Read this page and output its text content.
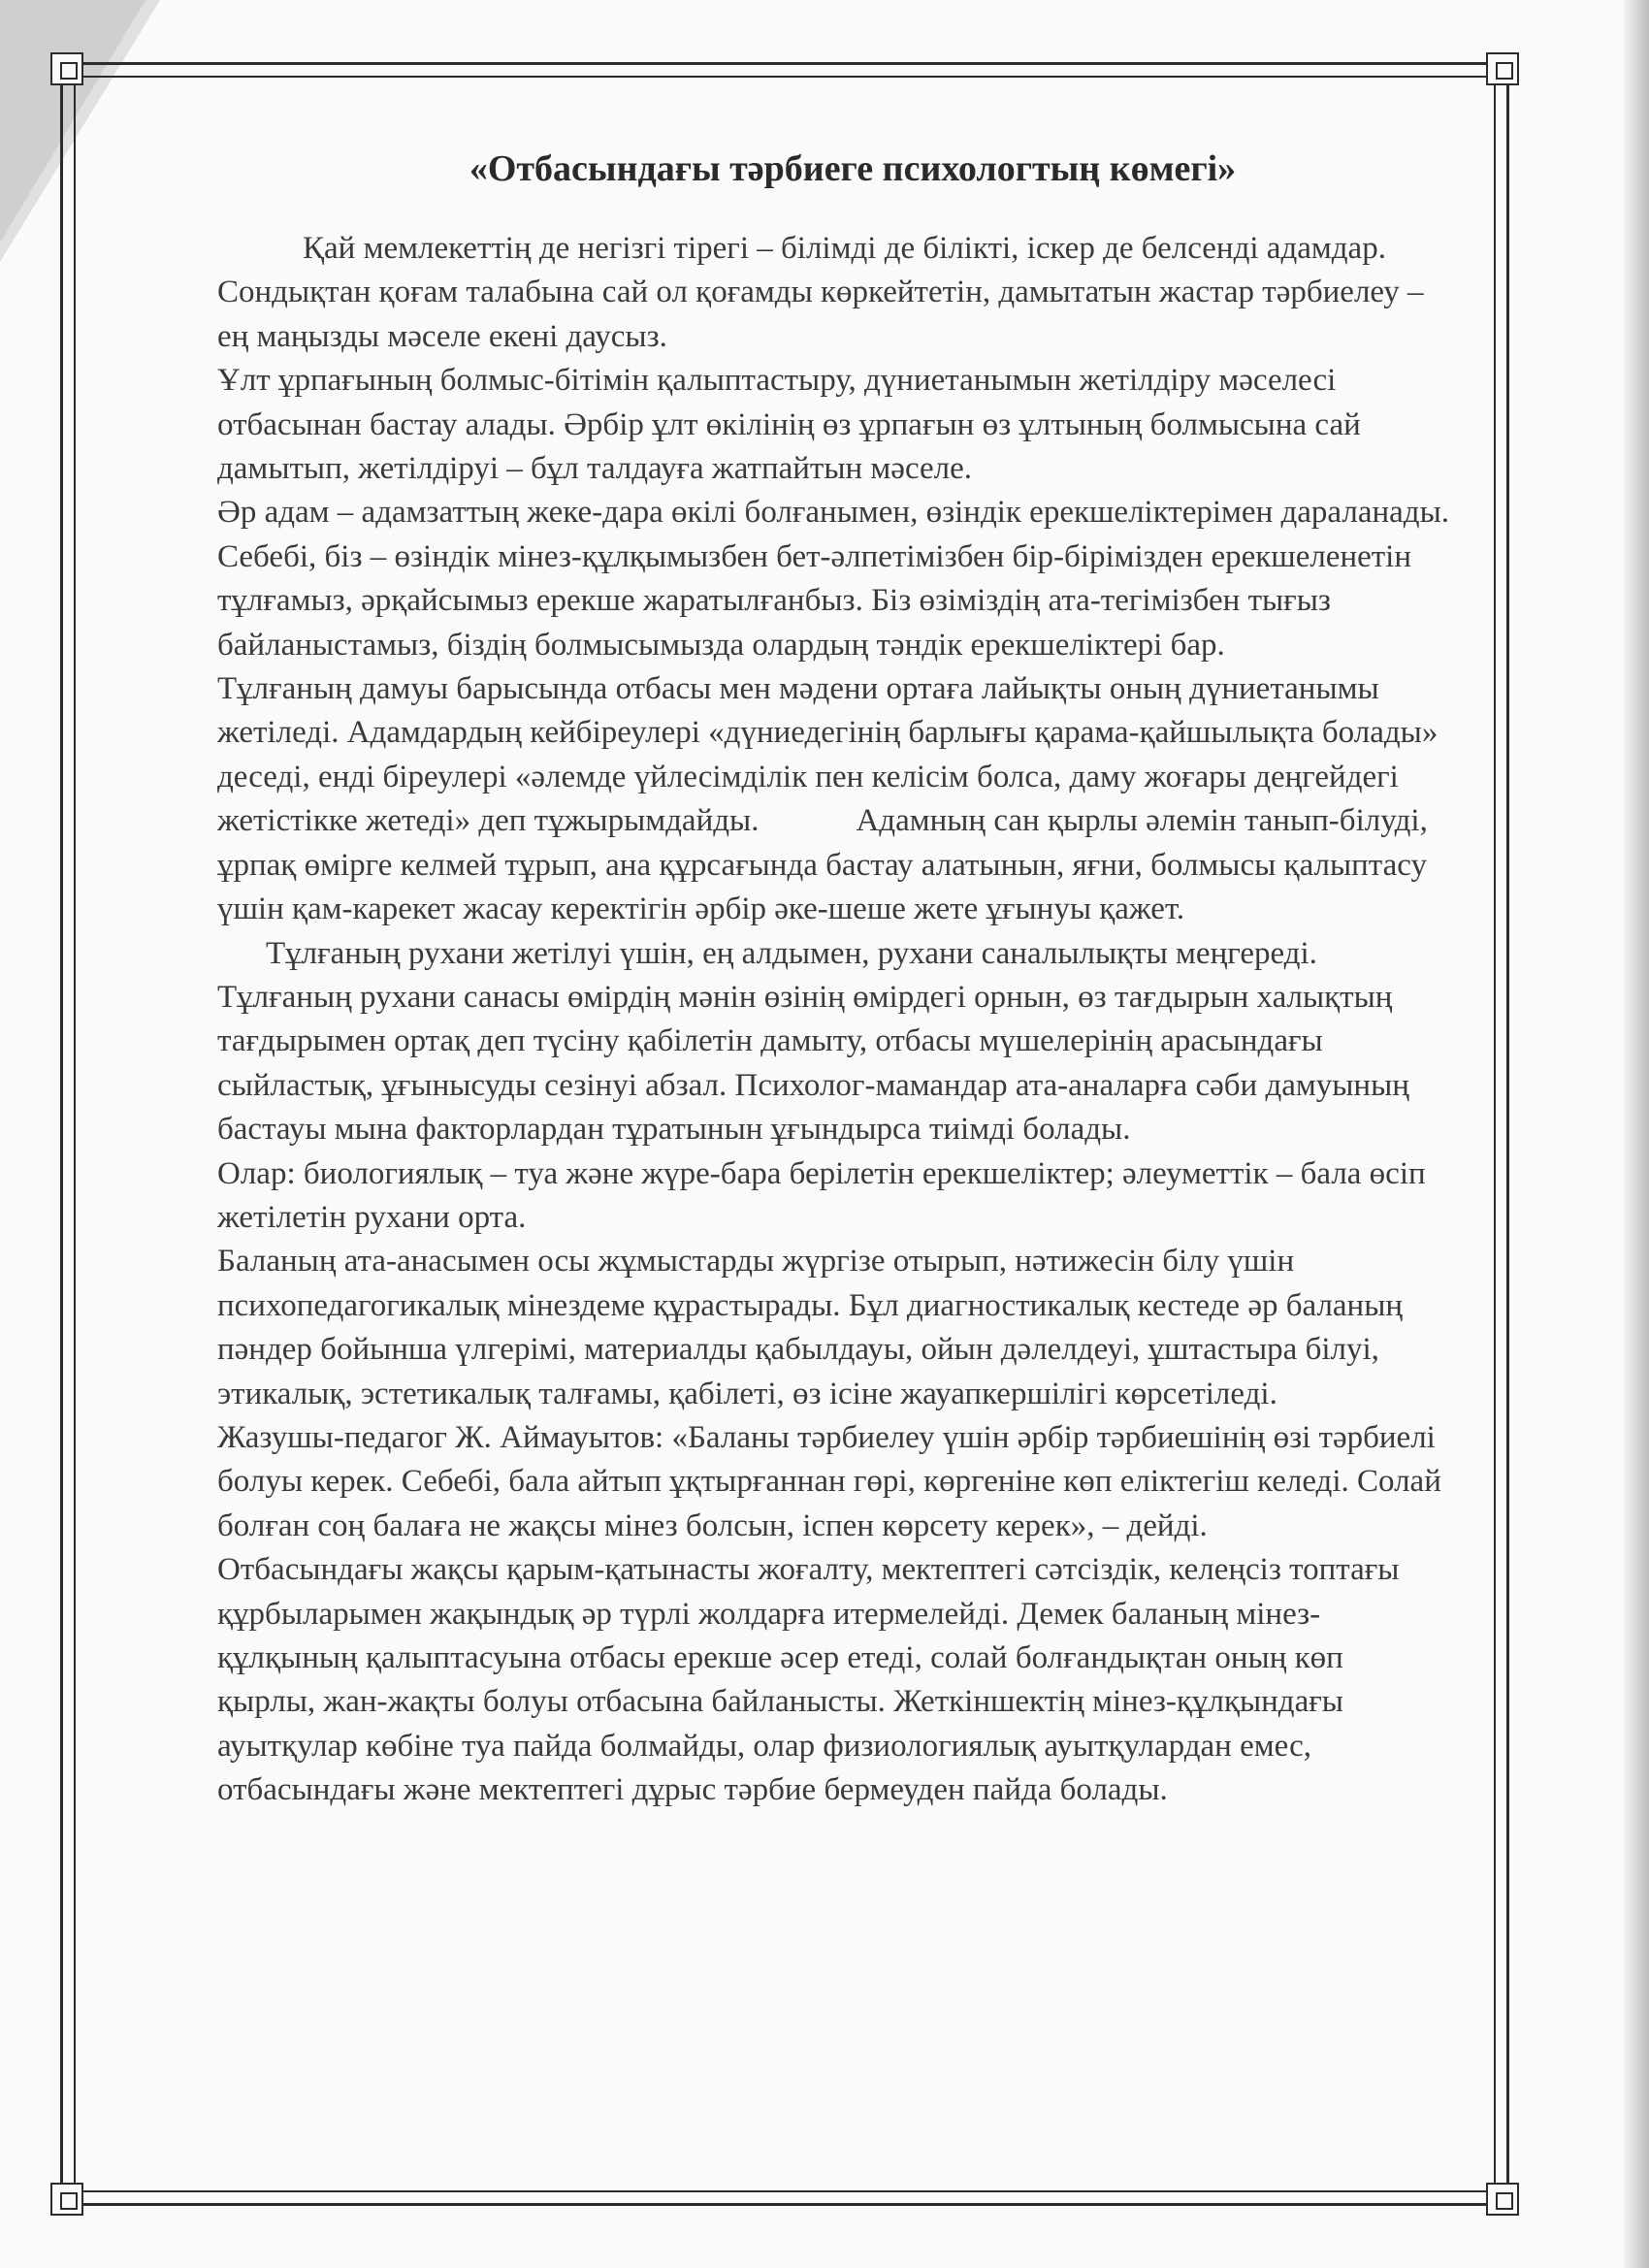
«Отбасындағы тәрбиеге психологтың көмегі»

Қай мемлекеттің де негізгі тірегі – білімді де білікті, іскер де белсенді адамдар. Сондықтан қоғам талабына сай ол қоғамды көркейтетін, дамытатын жастар тәрбиелеу – ең маңызды мәселе екені даусыз.

Ұлт ұрпағының болмыс-бітімін қалыптастыру, дүниетанымын жетілдіру мәселесі отбасынан бастау алады. Әрбір ұлт өкілінің өз ұрпағын өз ұлтының болмысына сай дамытып, жетілдіруі – бұл талдауға жатпайтын мәселе.

Әр адам – адамзаттың жеке-дара өкілі болғанымен, өзіндік ерекшеліктерімен дараланады. Себебі, біз – өзіндік мінез-құлқымызбен бет-әлпетімізбен бір-бірімізден ерекшеленетін тұлғамыз, әрқайсымыз ерекше жаратылғанбыз. Біз өзіміздің ата-тегімізбен тығыз байланыстамыз, біздің болмысымызда олардың тәндік ерекшеліктері бар.

Тұлғаның дамуы барысында отбасы мен мәдени ортаға лайықты оның дүниетанымы жетіледі. Адамдардың кейбіреулері «дүниедегінің барлығы қарама-қайшылықта болады» деседі, енді біреулері «әлемде үйлесімділік пен келісім болса, даму жоғары деңгейдегі жетістікке жетеді» деп тұжырымдайды.	Адамның сан қырлы әлемін танып-білуді, ұрпақ өмірге келмей тұрып, ана құрсағында бастау алатынын, яғни, болмысы қалыптасу үшін қам-карекет жасау керектігін әрбір әке-шеше жете ұғынуы қажет.

Тұлғаның рухани жетілуі үшін, ең алдымен, рухани саналылықты меңгереді. Тұлғаның рухани санасы өмірдің мәнін өзінің өмірдегі орнын, өз тағдырын халықтың тағдырымен ортақ деп түсіну қабілетін дамыту, отбасы мүшелерінің арасындағы сыйластық, ұғынысуды сезінуі абзал. Психолог-мамандар ата-аналарға сәби дамуының бастауы мына факторлардан тұратынын ұғындырса тиімді болады.

Олар: биологиялық – туа және жүре-бара берілетін ерекшеліктер; әлеуметтік – бала өсіп жетілетін рухани орта.

Баланың ата-анасымен осы жұмыстарды жүргізе отырып, нәтижесін білу үшін психопедагогикалық мінездеме құрастырады. Бұл диагностикалық кестеде әр баланың пәндер бойынша үлгерімі, материалды қабылдауы, ойын дәлелдеуі, ұштастыра білуі, этикалық, эстетикалық талғамы, қабілеті, өз ісіне жауапкершілігі көрсетіледі.

Жазушы-педагог Ж. Аймауытов: «Баланы тәрбиелеу үшін әрбір тәрбиешінің өзі тәрбиелі болуы керек. Себебі, бала айтып ұқтырғаннан гөрі, көргеніне көп еліктегіш келеді. Солай болған соң балаға не жақсы мінез болсын, іспен көрсету керек», – дейді.

Отбасындағы жақсы қарым-қатынасты жоғалту, мектептегі сәтсіздік, келеңсіз топтағы құрбыларымен жақындық әр түрлі жолдарға итермелейді. Демек баланың мінез-құлқының қалыптасуына отбасы ерекше әсер етеді, солай болғандықтан оның көп қырлы, жан-жақты болуы отбасына байланысты. Жеткіншектің мінез-құлқындағы ауытқулар көбіне туа пайда болмайды, олар физиологиялық ауытқулардан емес, отбасындағы және мектептегі дұрыс тәрбие бермеуден пайда болады.
